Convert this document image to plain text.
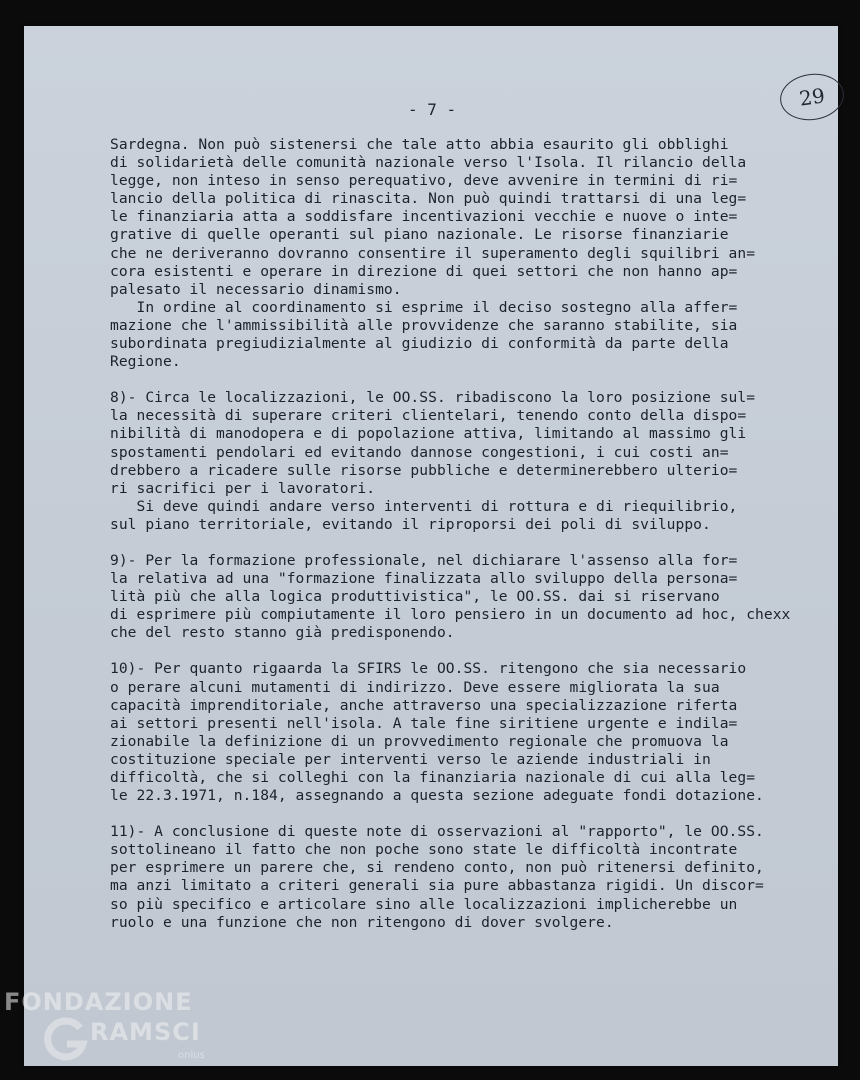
29
- 7 -
Sardegna. Non può sistenersi che tale atto abbia esaurito gli obblighi
di solidarietà delle comunità nazionale verso l'Isola. Il rilancio della
legge, non inteso in senso perequativo, deve avvenire in termini di ri=
lancio della politica di rinascita. Non può quindi trattarsi di una leg=
le finanziaria atta a soddisfare incentivazioni vecchie e nuove o inte=
grative di quelle operanti sul piano nazionale. Le risorse finanziarie
che ne deriveranno dovranno consentire il superamento degli squilibri an=
cora esistenti e operare in direzione di quei settori che non hanno ap=
palesato il necessario dinamismo.
In ordine al coordinamento si esprime il deciso sostegno alla affer=
mazione che l'ammissibilità alle provvidenze che saranno stabilite, sia
subordinata pregiudizialmente al giudizio di conformità da parte della
Regione.
8)- Circa le localizzazioni, le OO.SS. ribadiscono la loro posizione sul=
la necessità di superare criteri clientelari, tenendo conto della dispo=
nibilità di manodopera e di popolazione attiva, limitando al massimo gli
spostamenti pendolari ed evitando dannose congestioni, i cui costi an=
drebbero a ricadere sulle risorse pubbliche e determinerebbero ulterio=
ri sacrifici per i lavoratori.
Si deve quindi andare verso interventi di rottura e di riequilibrio,
sul piano territoriale, evitando il riproporsi dei poli di sviluppo.
9)- Per la formazione professionale, nel dichiarare l'assenso alla for=
la relativa ad una "formazione finalizzata allo sviluppo della persona=
lità più che alla logica produttivistica", le OO.SS. dai si riservano
di esprimere più compiutamente il loro pensiero in un documento ad hoc, chexx
che del resto stanno già predisponendo.
10)- Per quanto rigaarda la SFIRS le OO.SS. ritengono che sia necessario
o perare alcuni mutamenti di indirizzo. Deve essere migliorata la sua
capacità imprenditoriale, anche attraverso una specializzazione riferta
ai settori presenti nell'isola. A tale fine siritiene urgente e indila=
zionabile la definizione di un provvedimento regionale che promuova la
costituzione speciale per interventi verso le aziende industriali in
difficoltà, che si colleghi con la finanziaria nazionale di cui alla leg=
le 22.3.1971, n.184, assegnando a questa sezione adeguate fondi dotazione.
11)- A conclusione di queste note di osservazioni al "rapporto", le OO.SS.
sottolineano il fatto che non poche sono state le difficoltà incontrate
per esprimere un parere che, si rendeno conto, non può ritenersi definito,
ma anzi limitato a criteri generali sia pure abbastanza rigidi. Un discor=
so più specifico e articolare sino alle localizzazioni implicherebbe un
ruolo e una funzione che non ritengono di dover svolgere.
FONDAZIONE
RAMSCI
onlus
